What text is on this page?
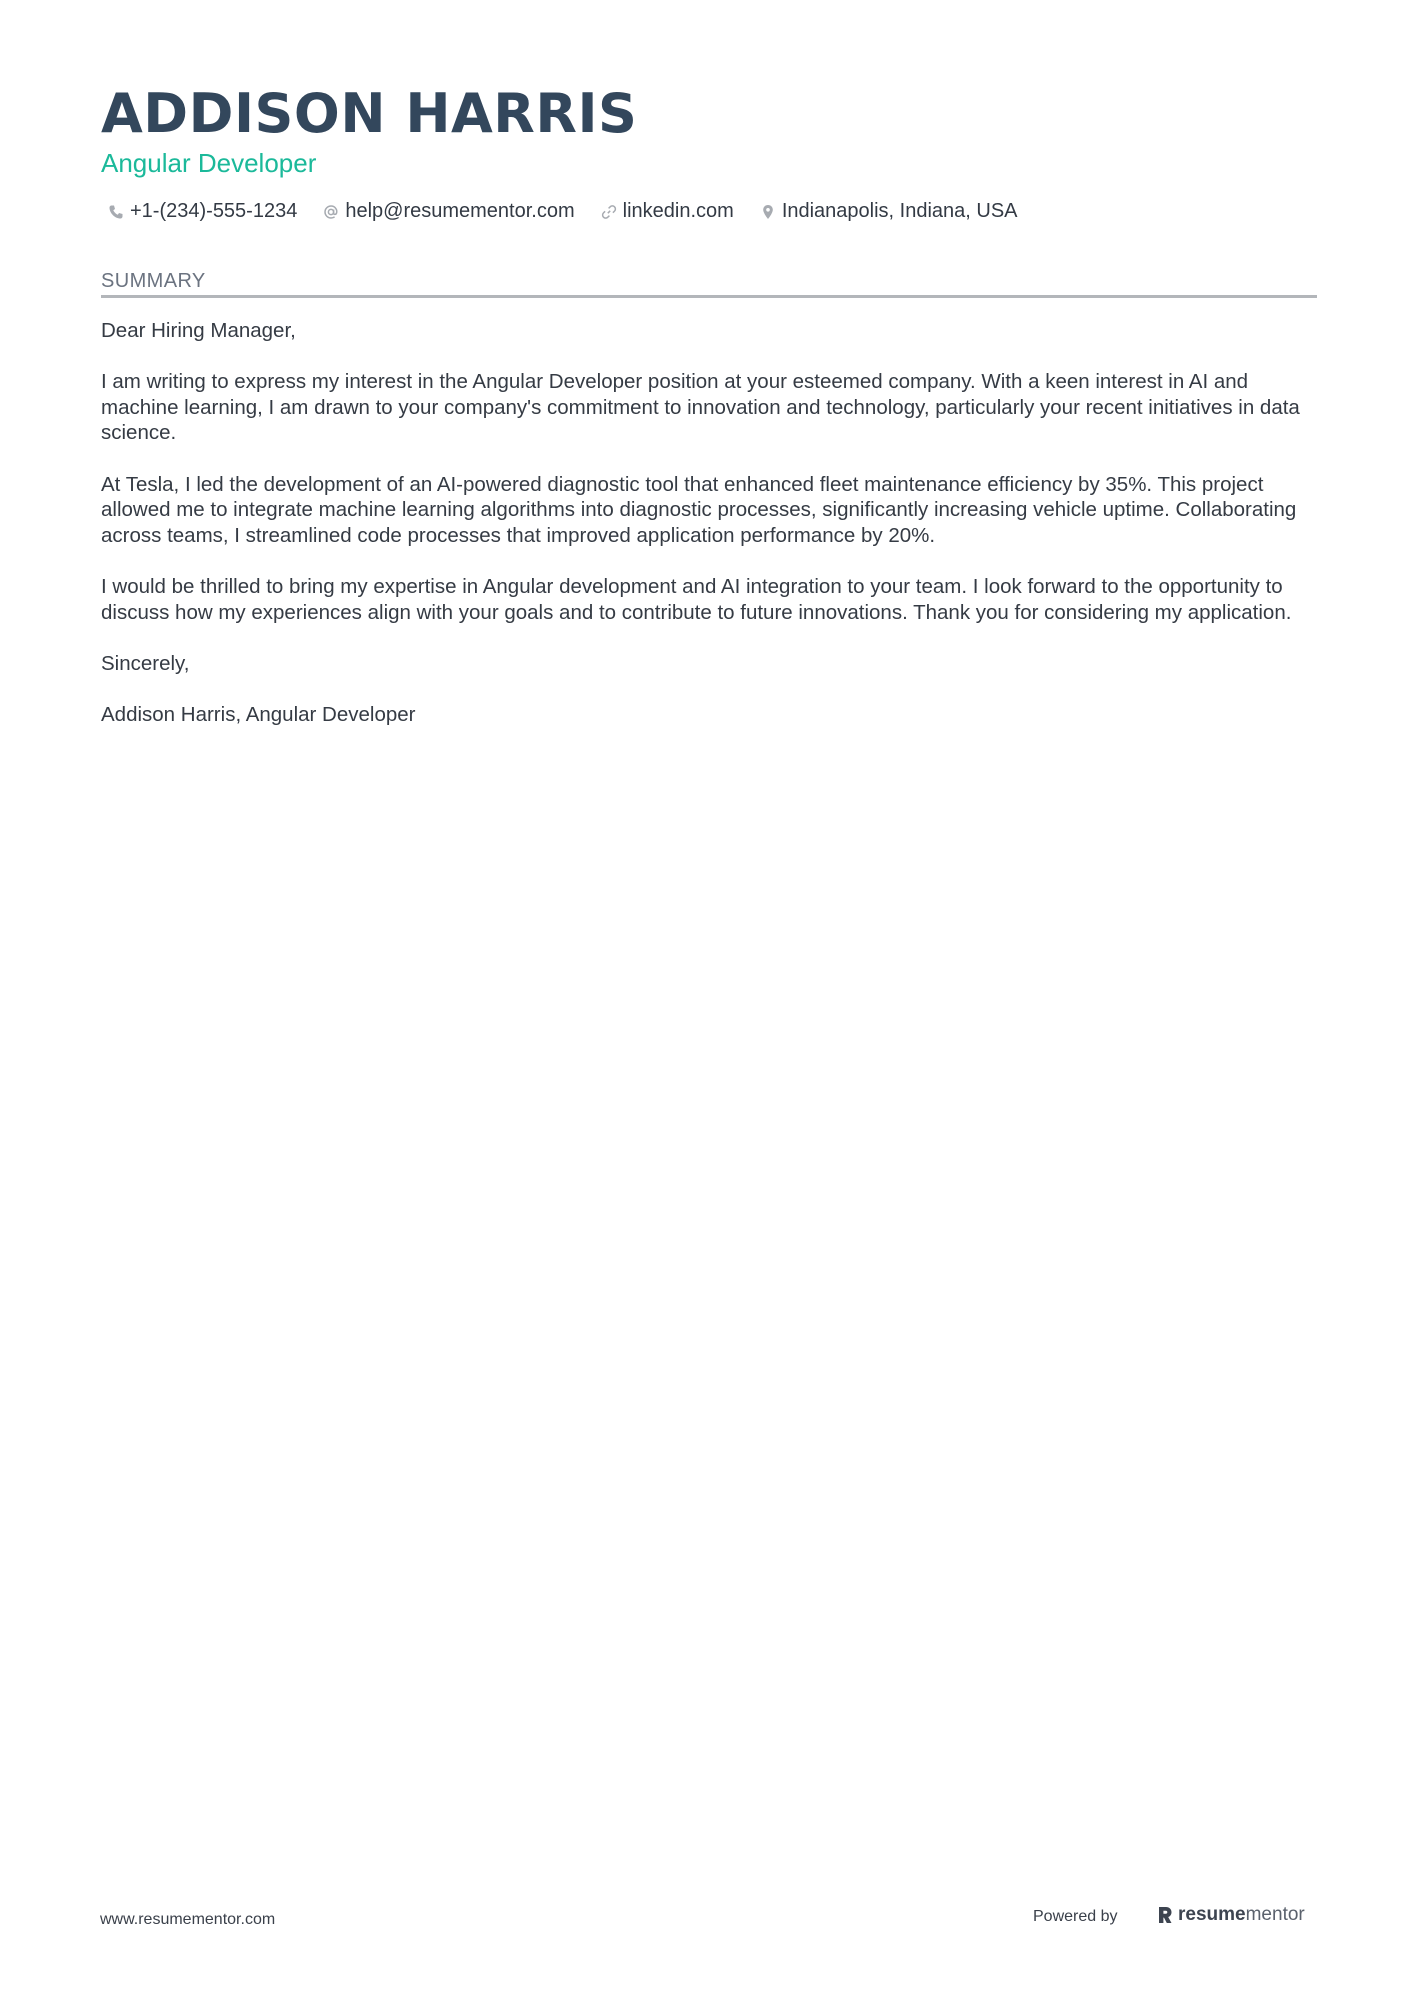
ADDISON HARRIS
Angular Developer
+1-(234)-555-1234 help@resumementor.com linkedin.com Indianapolis, Indiana, USA
SUMMARY

Dear Hiring Manager,

I am writing to express my interest in the Angular Developer position at your esteemed company. With a keen interest in AI and machine learning, I am drawn to your company's commitment to innovation and technology, particularly your recent initiatives in data science.

At Tesla, I led the development of an AI-powered diagnostic tool that enhanced fleet maintenance efficiency by 35%. This project allowed me to integrate machine learning algorithms into diagnostic processes, significantly increasing vehicle uptime. Collaborating across teams, I streamlined code processes that improved application performance by 20%.

I would be thrilled to bring my expertise in Angular development and AI integration to your team. I look forward to the opportunity to discuss how my experiences align with your goals and to contribute to future innovations. Thank you for considering my application.

Sincerely,

Addison Harris, Angular Developer

www.resumementor.com	Powered by	resume mentor
